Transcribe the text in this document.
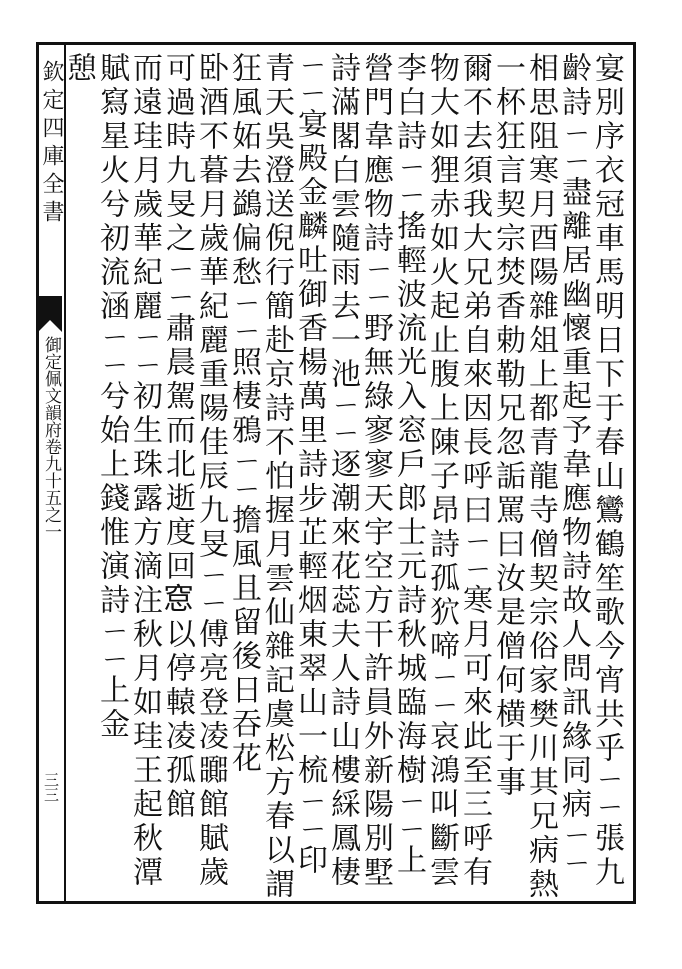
欽定四庫全書
御定佩文韻府卷九十五之一
三三	宴別序衣冠車馬明日下于春山鸞鶴笙歌今宵共乎ㄧㄧ張九
齡詩ㄧㄧ盡離居幽懷重起予韋應物詩故人問訊緣同病ㄧㄧ
相思阻寒月酉陽雜俎上都青龍寺僧契宗俗家樊川其兄病熱
一杯狂言契宗焚香勅勒兄忽詬罵曰汝是僧何横于事
爾不去須我大兄弟自來因長呼曰ㄧㄧ寒月可來此至三呼有
物大如狸赤如火起止腹上陳子昂詩孤狖啼ㄧㄧ哀鴻叫斷雲
李白詩ㄧㄧ搖輕波流光入窓戶郎士元詩秋城臨海樹ㄧㄧ上
營門韋應物詩ㄧㄧ野無綠寥寥天宇空方干許員外新陽別墅
詩滿閣白雲隨雨去一池ㄧㄧ逐潮來花蕊夫人詩山樓綵鳳棲
ㄧㄧ宴殿金麟吐御香楊萬里詩步芷輕烟東翠山一梳ㄧㄧ印
青天吳澄送倪行簡赴京詩不怕握月雲仙雜記虞松方春以謂
狂風妬去鷁偏愁ㄧㄧ照棲鴉ㄧㄧ擔風且留後日吞花
卧酒不暮月歲華紀麗重陽佳辰九旻ㄧㄧ傅亮登凌嚻館賦歲
可過時九旻之ㄧㄧ肅晨駕而北逝度回𥦗以停轅凌孤館
而遠珪月歲華紀麗ㄧㄧ初生珠露方滴注秋月如珪王起秋潭
賦寫星火兮初流涵ㄧㄧ兮始上錢惟演詩ㄧㄧ上金
憩
